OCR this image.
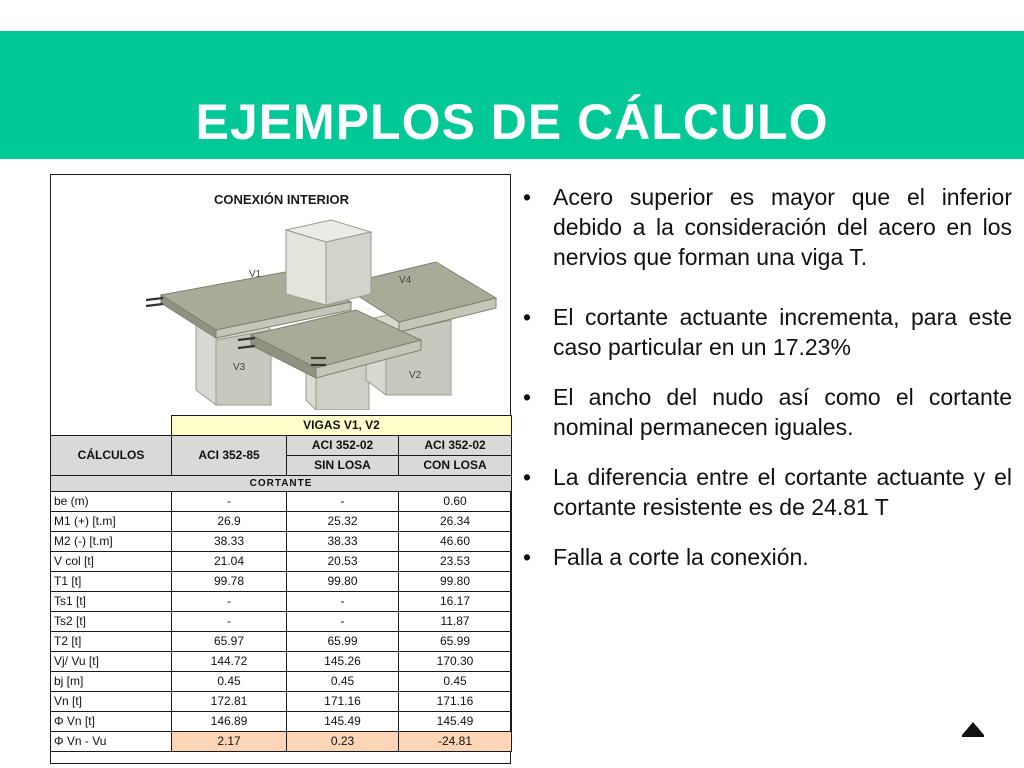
EJEMPLOS DE CÁLCULO
CONEXIÓN INTERIOR
V1
V4
V3
V2
	VIGAS V1, V2		
CÁLCULOS	ACI 352-85	ACI 352-02	ACI 352-02
		SIN LOSA	CON LOSA
CORTANTE			
be (m)	-	-	0.60
M1 (+) [t.m]	26.9	25.32	26.34
M2 (-) [t.m]	38.33	38.33	46.60
V col [t]	21.04	20.53	23.53
T1 [t]	99.78	99.80	99.80
Ts1 [t]	-	-	16.17
Ts2 [t]	-	-	11.87
T2 [t]	65.97	65.99	65.99
Vj/ Vu [t]	144.72	145.26	170.30
bj [m]	0.45	0.45	0.45
Vn [t]	172.81	171.16	171.16
Φ Vn [t]	146.89	145.49	145.49
Φ Vn - Vu	2.17	0.23	-24.81
• Acero superior es mayor que el inferior debido a la consideración del acero en los nervios que forman una viga T.
• El cortante actuante incrementa, para este caso particular en un 17.23%
• El ancho del nudo así como el cortante nominal permanecen iguales.
• La diferencia entre el cortante actuante y el cortante resistente es de 24.81 T
• Falla a corte la conexión.
